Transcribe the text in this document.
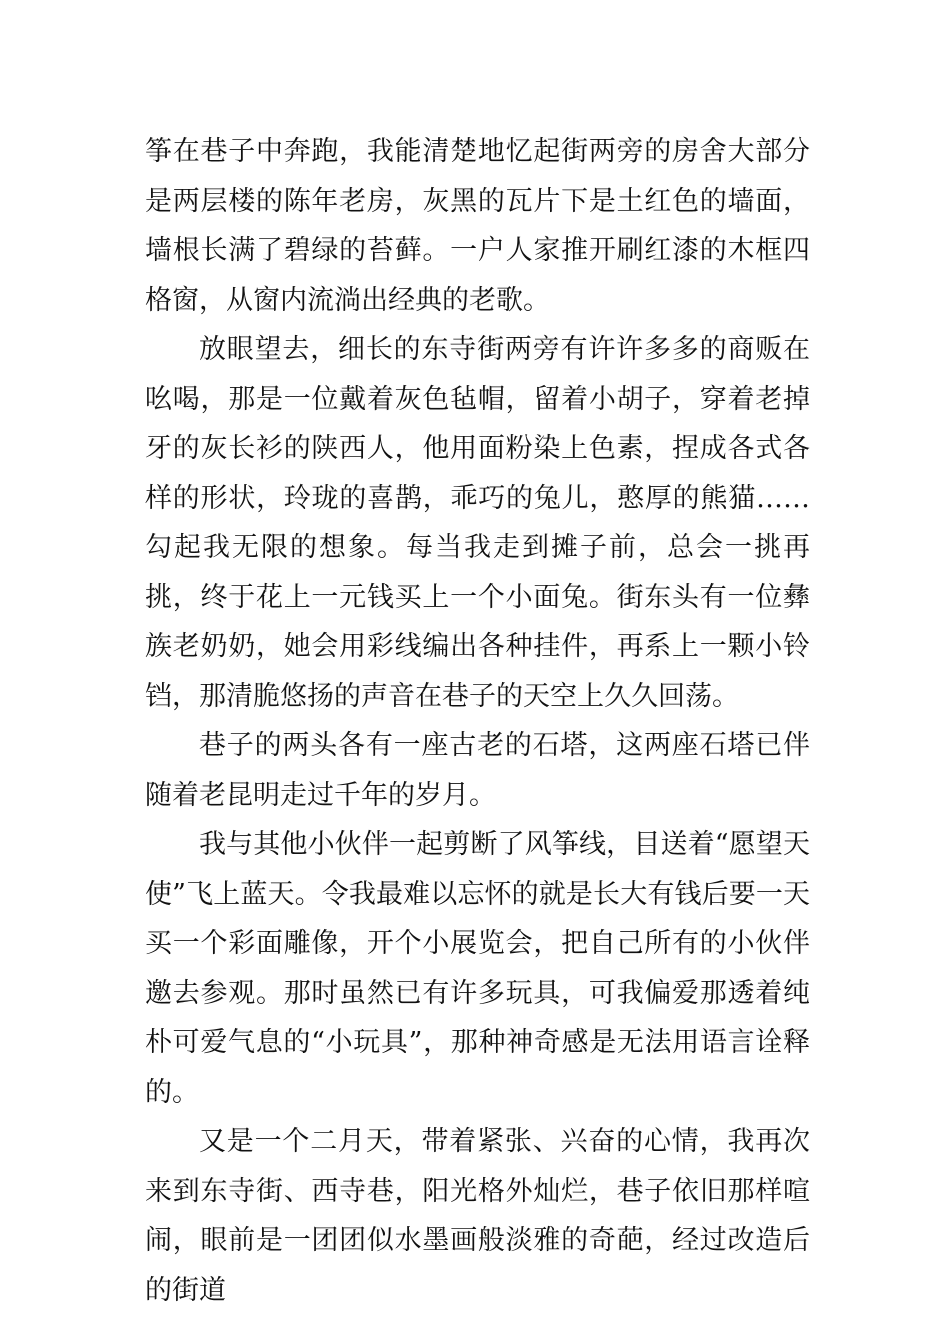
筝在巷子中奔跑，我能清楚地忆起街两旁的房舍大部分是两层楼的陈年老房，灰黑的瓦片下是土红色的墙面，墙根长满了碧绿的苔藓。一户人家推开刷红漆的木框四格窗，从窗内流淌出经典的老歌。

放眼望去，细长的东寺街两旁有许许多多的商贩在吆喝，那是一位戴着灰色毡帽，留着小胡子，穿着老掉牙的灰长衫的陕西人，他用面粉染上色素，捏成各式各样的形状，玲珑的喜鹊，乖巧的兔儿，憨厚的熊猫……勾起我无限的想象。每当我走到摊子前，总会一挑再挑，终于花上一元钱买上一个小面兔。街东头有一位彝族老奶奶，她会用彩线编出各种挂件，再系上一颗小铃铛，那清脆悠扬的声音在巷子的天空上久久回荡。

巷子的两头各有一座古老的石塔，这两座石塔已伴随着老昆明走过千年的岁月。

我与其他小伙伴一起剪断了风筝线，目送着“愿望天使”飞上蓝天。令我最难以忘怀的就是长大有钱后要一天买一个彩面雕像，开个小展览会，把自己所有的小伙伴邀去参观。那时虽然已有许多玩具，可我偏爱那透着纯朴可爱气息的“小玩具”，那种神奇感是无法用语言诠释的。

又是一个二月天，带着紧张、兴奋的心情，我再次来到东寺街、西寺巷，阳光格外灿烂，巷子依旧那样喧闹，眼前是一团团似水墨画般淡雅的奇葩，经过改造后的街道
